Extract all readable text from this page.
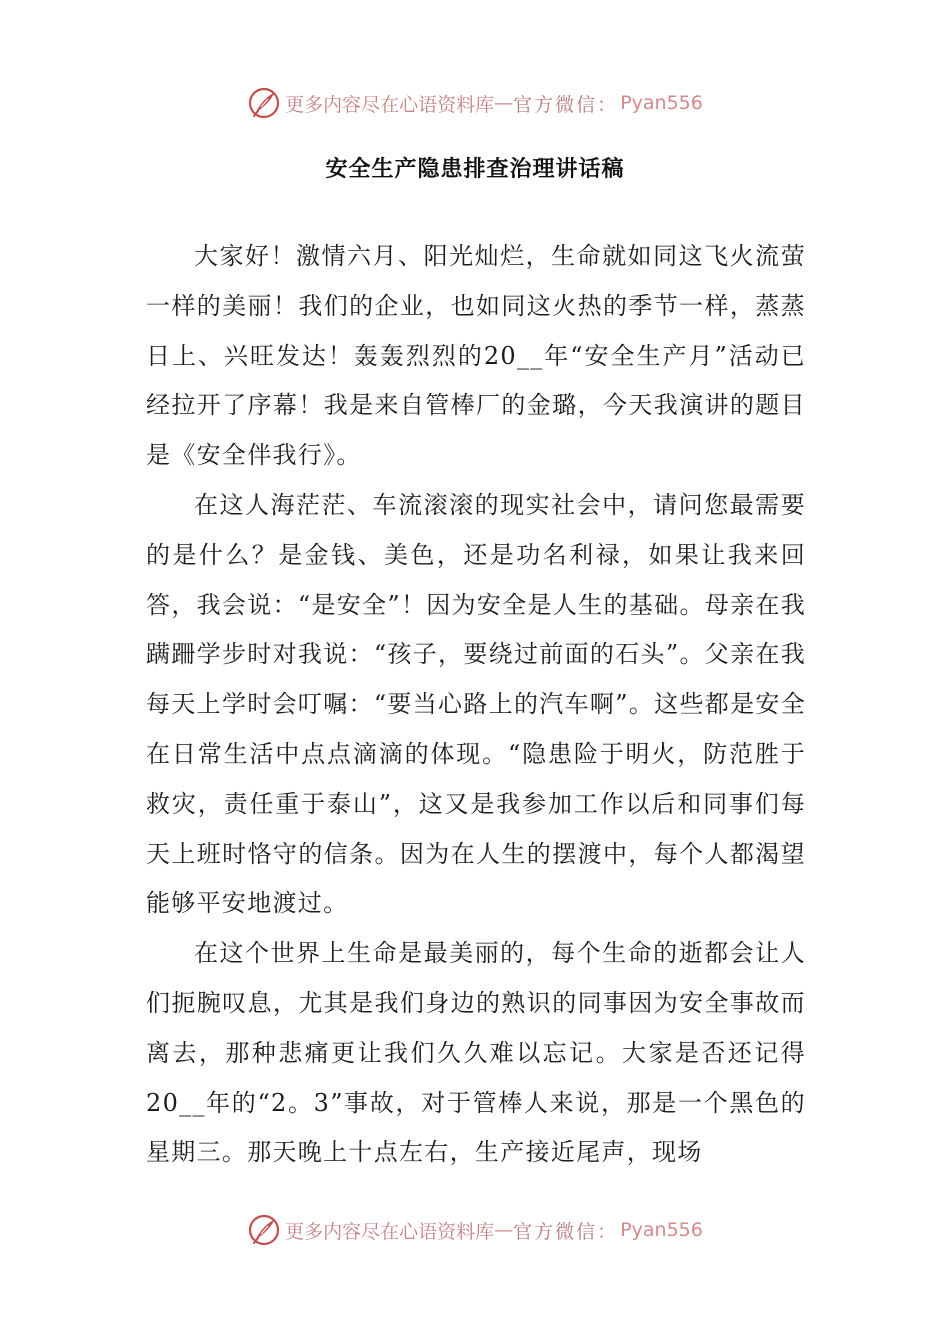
更多内容尽在心语资料库 — 官方微信： Pyan556
安全生产隐患排查治理讲话稿

大家好！激情六月、阳光灿烂，生命就如同这飞火流萤一样的美丽！我们的企业，也如同这火热的季节一样，蒸蒸日上、兴旺发达！轰轰烈烈的20__年“安全生产月”活动已经拉开了序幕！我是来自管棒厂的金璐，今天我演讲的题目是《安全伴我行》。

在这人海茫茫、车流滚滚的现实社会中，请问您最需要的是什么？是金钱、美色，还是功名利禄，如果让我来回答，我会说：“是安全”！因为安全是人生的基础。母亲在我蹒跚学步时对我说：“孩子，要绕过前面的石头”。父亲在我每天上学时会叮嘱：“要当心路上的汽车啊”。这些都是安全在日常生活中点点滴滴的体现。“隐患险于明火，防范胜于救灾，责任重于泰山”，这又是我参加工作以后和同事们每天上班时恪守的信条。因为在人生的摆渡中，每个人都渴望能够平安地渡过。

在这个世界上生命是最美丽的，每个生命的逝都会让人们扼腕叹息，尤其是我们身边的熟识的同事因为安全事故而离去，那种悲痛更让我们久久难以忘记。大家是否还记得20__年的“2。3”事故，对于管棒人来说，那是一个黑色的星期三。那天晚上十点左右，生产接近尾声，现场

更多内容尽在心语资料库 — 官方微信： Pyan556
